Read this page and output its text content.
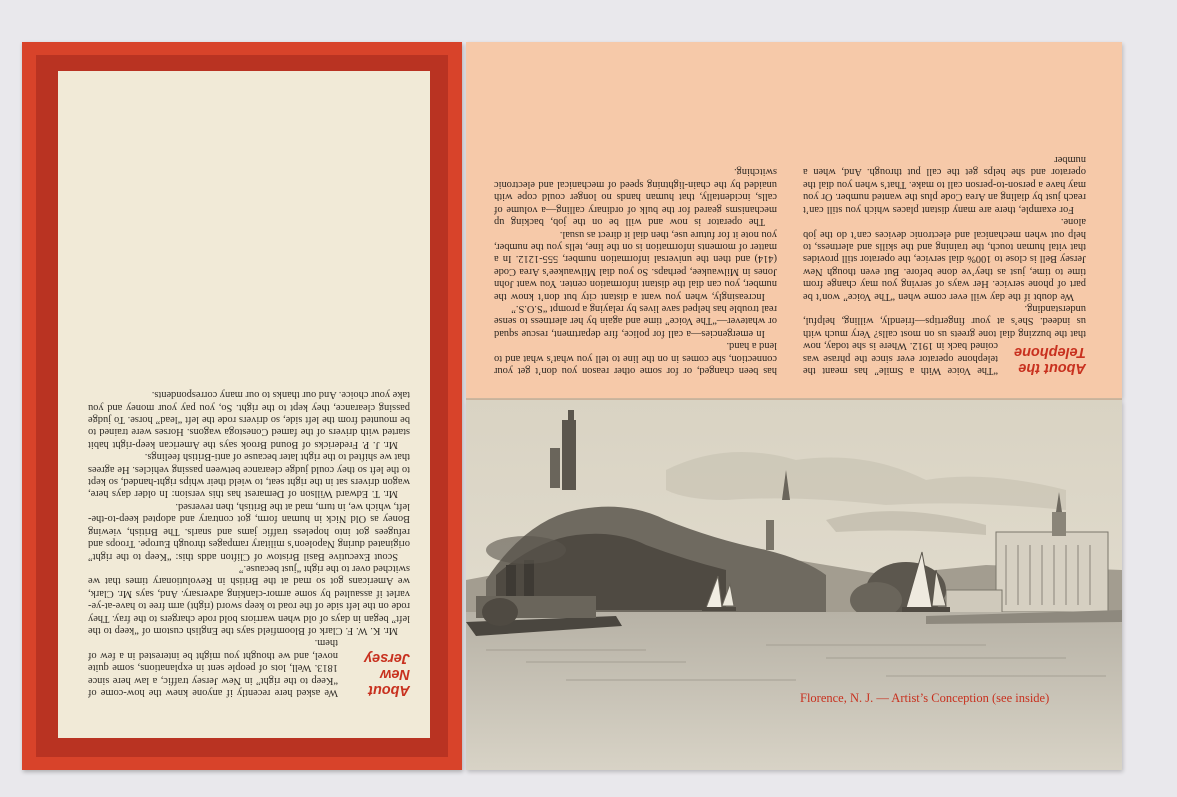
About
New
Jersey

We asked here recently if anyone knew the how-come of “Keep to the right” in New Jersey traffic, a law here since 1813. Well, lots of people sent in explanations, some quite novel, and we thought you might be interested in a few of them.

Mr. K. W. F. Clark of Bloomfield says the English custom of “keep to the left” began in days of old when warriors bold rode chargers to the fray. They rode on the left side of the road to keep sword (right) arm free to have-at-ye-varlet if assaulted by some armor-clanking adversary. And, says Mr. Clark, we Americans got so mad at the British in Revolutionary times that we switched over to the right “just because.”

Scout Executive Basil Bristow of Clifton adds this: “Keep to the right” originated during Napoleon’s military rampages through Europe. Troops and refugees got into hopeless traffic jams and snarls. The British, viewing Boney as Old Nick in human form, got contrary and adopted keep-to-the-left, which we, in turn, mad at the British, then reversed.

Mr. T. Edward Willson of Demarest has this version: In older days here, wagon drivers sat in the right seat, to wield their whips right-handed, so kept to the left so they could judge clearance between passing vehicles. He agrees that we shifted to the right later because of anti-British feelings.

Mr. J. P. Fredericks of Bound Brook says the American keep-right habit started with drivers of the famed Conestoga wagons. Horses were trained to be mounted from the left side, so drivers rode the left “lead” horse. To judge passing clearance, they kept to the right. So, you pay your money and you take your choice. And our thanks to our many correspondents.

About the
Telephone

“The Voice With a Smile” has meant the telephone operator ever since the phrase was coined back in 1912. Where is she today, now that the buzzing dial tone greets us on most calls? Very much with us indeed. She’s at your fingertips—friendly, willing, helpful, understanding.

We doubt if the day will ever come when “The Voice” won’t be part of phone service. Her ways of serving you may change from time to time, just as they’ve done before. But even though New Jersey Bell is close to 100% dial service, the operator still provides that vital human touch, the training and the skills and alertness, to help out when mechanical and electronic devices can’t do the job alone.

For example, there are many distant places which you still can’t reach just by dialing an Area Code plus the wanted number. Or you may have a person-to-person call to make. That’s when you dial the operator and she helps get the call put through. And, when a number

has been changed, or for some other reason you don’t get your connection, she comes in on the line to tell you what’s what and to lend a hand.

In emergencies—a call for police, fire department, rescue squad or whatever—“The Voice” time and again by her alertness to sense real trouble has helped save lives by relaying a prompt “S.O.S.”

Increasingly, when you want a distant city but don’t know the number, you can dial the distant information center. You want John Jones in Milwaukee, perhaps. So you dial Milwaukee’s Area Code (414) and then the universal information number, 555-1212. In a matter of moments information is on the line, tells you the number, you note it for future use, then dial it direct as usual.

The operator is now and will be on the job, backing up mechanisms geared for the bulk of ordinary calling—a volume of calls, incidentally, that human hands no longer could cope with unaided by the chain-lightning speed of mechanical and electronic switching.

Florence, N. J. — Artist’s Conception (see inside)
